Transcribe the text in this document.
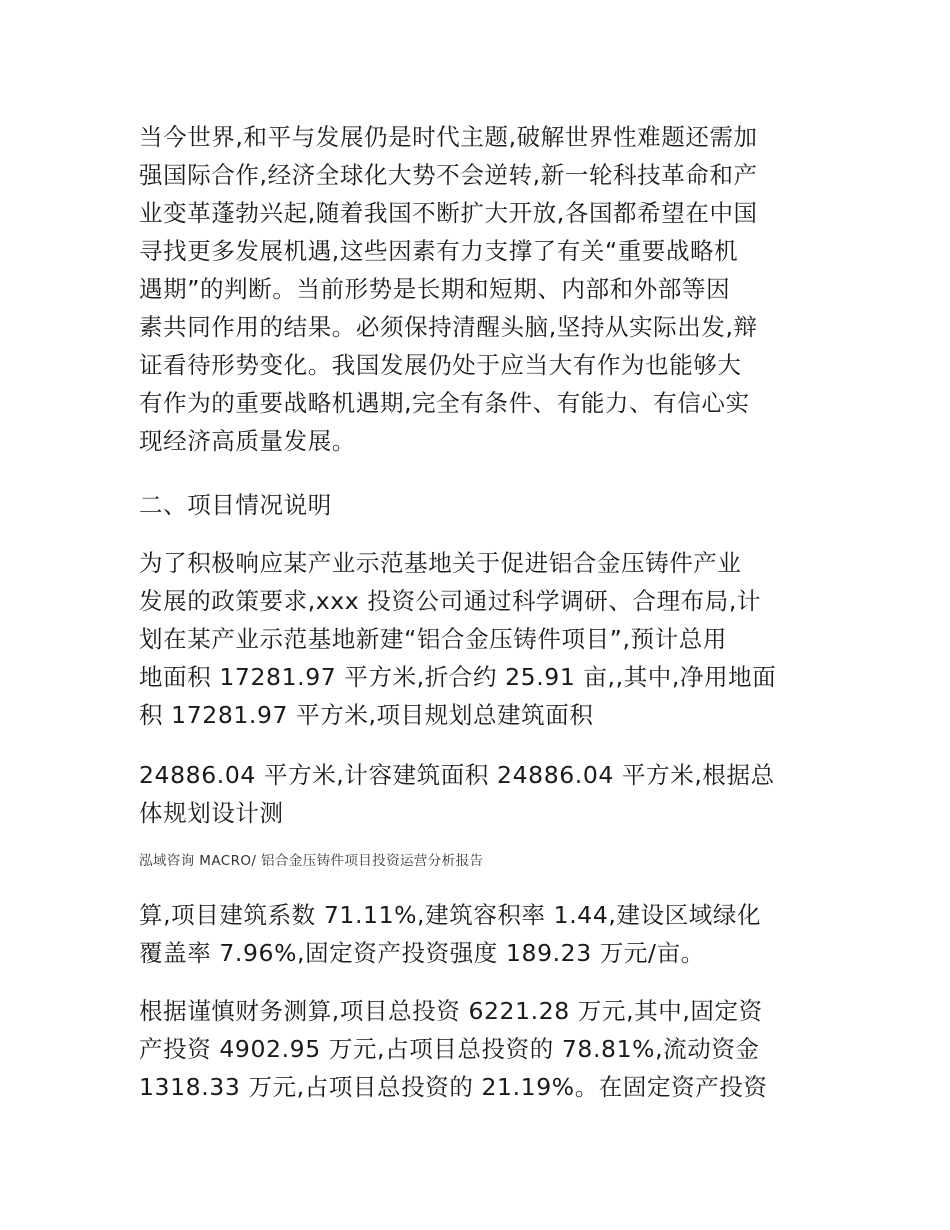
当今世界,和平与发展仍是时代主题,破解世界性难题还需加
强国际合作,经济全球化大势不会逆转,新一轮科技革命和产
业变革蓬勃兴起,随着我国不断扩大开放,各国都希望在中国
寻找更多发展机遇,这些因素有力支撑了有关“重要战略机
遇期”的判断。当前形势是长期和短期、内部和外部等因
素共同作用的结果。必须保持清醒头脑,坚持从实际出发,辩
证看待形势变化。我国发展仍处于应当大有作为也能够大
有作为的重要战略机遇期,完全有条件、有能力、有信心实
现经济高质量发展。
二、项目情况说明
为了积极响应某产业示范基地关于促进铝合金压铸件产业
发展的政策要求,xxx 投资公司通过科学调研、合理布局,计
划在某产业示范基地新建“铝合金压铸件项目”,预计总用
地面积 17281.97 平方米,折合约 25.91 亩,,其中,净用地面
积 17281.97 平方米,项目规划总建筑面积
24886.04 平方米,计容建筑面积 24886.04 平方米,根据总
体规划设计测
泓域咨询 MACRO/ 铝合金压铸件项目投资运营分析报告
算,项目建筑系数 71.11%,建筑容积率 1.44,建设区域绿化
覆盖率 7.96%,固定资产投资强度 189.23 万元/亩。
根据谨慎财务测算,项目总投资 6221.28 万元,其中,固定资
产投资 4902.95 万元,占项目总投资的 78.81%,流动资金
1318.33 万元,占项目总投资的 21.19%。在固定资产投资
